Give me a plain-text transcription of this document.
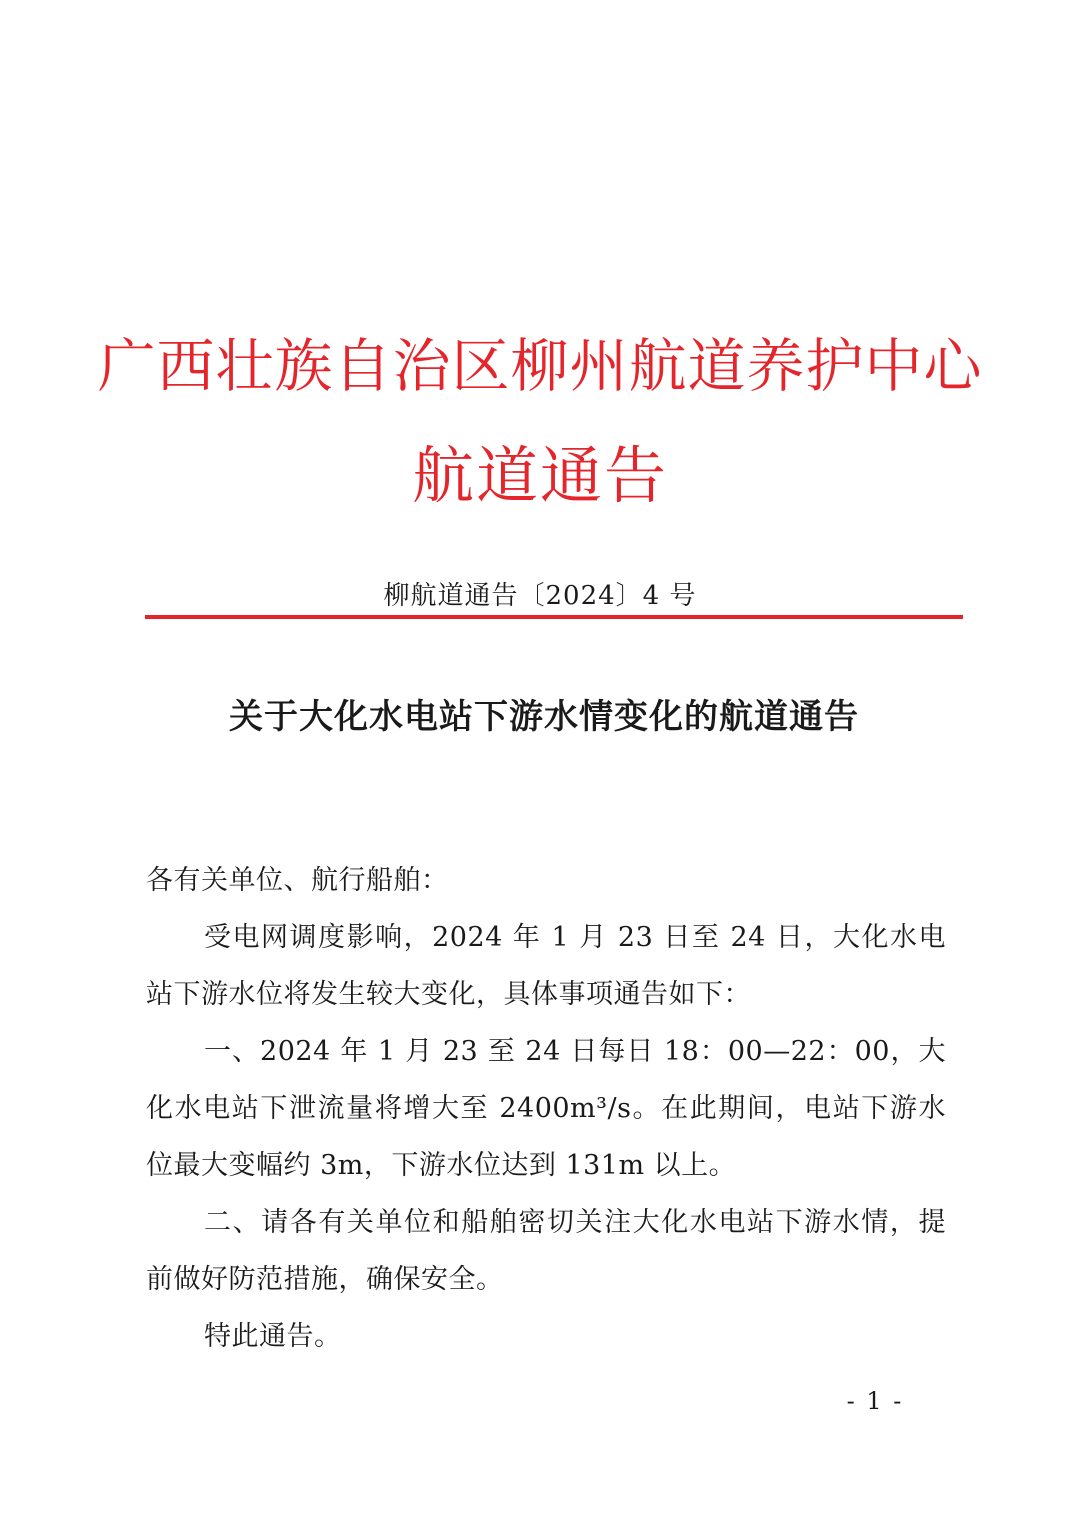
广西壮族自治区柳州航道养护中心
航道通告
柳航道通告〔2024〕4 号
关于大化水电站下游水情变化的航道通告

各有关单位、航行船舶：

受电网调度影响，2024 年 1 月 23 日至 24 日，大化水电站下游水位将发生较大变化，具体事项通告如下：

一、2024 年 1 月 23 至 24 日每日 18：00—22：00，大化水电站下泄流量将增大至 2400m³/s。在此期间，电站下游水位最大变幅约 3m，下游水位达到 131m 以上。

二、请各有关单位和船舶密切关注大化水电站下游水情，提前做好防范措施，确保安全。

特此通告。

- 1 -
